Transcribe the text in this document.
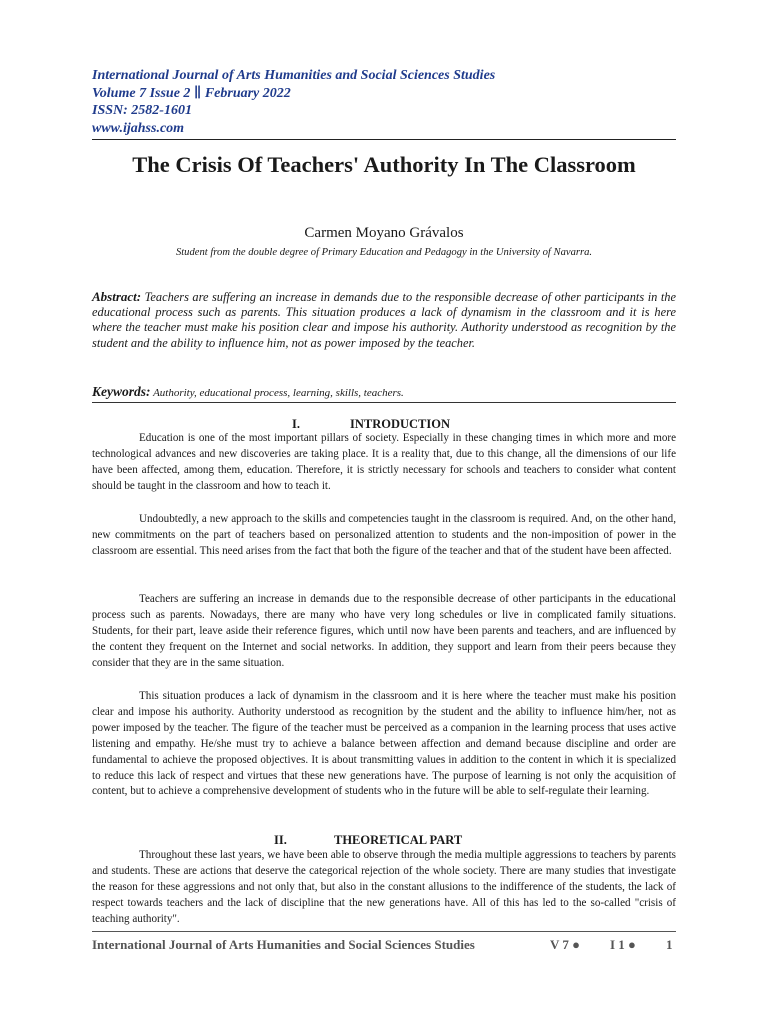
International Journal of Arts Humanities and Social Sciences Studies
Volume 7 Issue 2 ∥ February 2022
ISSN: 2582-1601
www.ijahss.com
The Crisis Of Teachers' Authority In The Classroom
Carmen Moyano Grávalos
Student from the double degree of Primary Education and Pedagogy in the University of Navarra.
Abstract: Teachers are suffering an increase in demands due to the responsible decrease of other participants in the educational process such as parents. This situation produces a lack of dynamism in the classroom and it is here where the teacher must make his position clear and impose his authority. Authority understood as recognition by the student and the ability to influence him, not as power imposed by the teacher.
Keywords: Authority, educational process, learning, skills, teachers.
I.	INTRODUCTION
Education is one of the most important pillars of society. Especially in these changing times in which more and more technological advances and new discoveries are taking place. It is a reality that, due to this change, all the dimensions of our life have been affected, among them, education. Therefore, it is strictly necessary for schools and teachers to consider what content should be taught in the classroom and how to teach it.
Undoubtedly, a new approach to the skills and competencies taught in the classroom is required. And, on the other hand, new commitments on the part of teachers based on personalized attention to students and the non-imposition of power in the classroom are essential. This need arises from the fact that both the figure of the teacher and that of the student have been affected.
Teachers are suffering an increase in demands due to the responsible decrease of other participants in the educational process such as parents. Nowadays, there are many who have very long schedules or live in complicated family situations. Students, for their part, leave aside their reference figures, which until now have been parents and teachers, and are influenced by the content they frequent on the Internet and social networks. In addition, they support and learn from their peers because they consider that they are in the same situation.
This situation produces a lack of dynamism in the classroom and it is here where the teacher must make his position clear and impose his authority. Authority understood as recognition by the student and the ability to influence him/her, not as power imposed by the teacher. The figure of the teacher must be perceived as a companion in the learning process that uses active listening and empathy. He/she must try to achieve a balance between affection and demand because discipline and order are fundamental to achieve the proposed objectives. It is about transmitting values in addition to the content in which it is specialized to reduce this lack of respect and virtues that these new generations have. The purpose of learning is not only the acquisition of content, but to achieve a comprehensive development of students who in the future will be able to self-regulate their learning.
II.	THEORETICAL PART
Throughout these last years, we have been able to observe through the media multiple aggressions to teachers by parents and students. These are actions that deserve the categorical rejection of the whole society. There are many studies that investigate the reason for these aggressions and not only that, but also in the constant allusions to the indifference of the students, the lack of respect towards teachers and the lack of discipline that the new generations have. All of this has led to the so-called "crisis of teaching authority".
International Journal of Arts Humanities and Social Sciences Studies	V 7 ● I 1 ● 1
